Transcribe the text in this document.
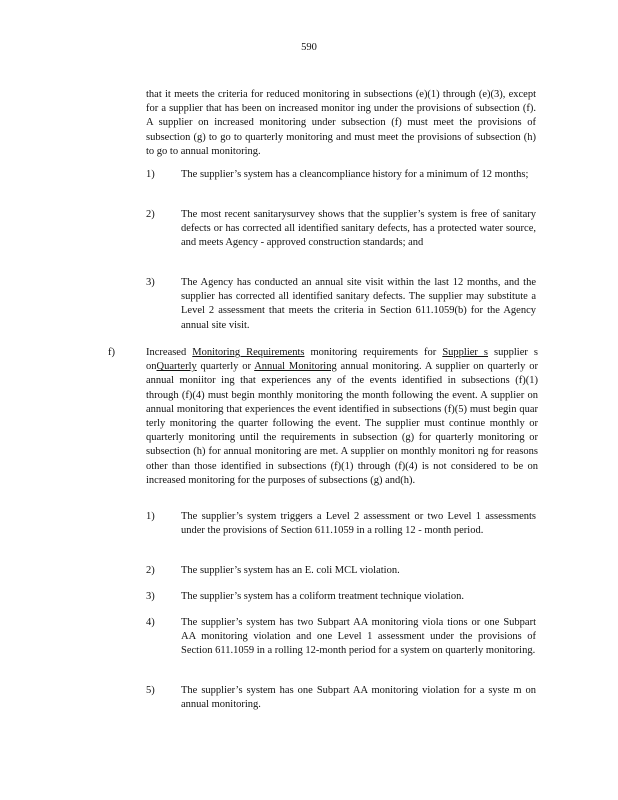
590
that it meets the criteria for reduced monitoring in subsections (e)(1) through (e)(3), except for a supplier that has been on increased monitor ing under the provisions of subsection (f). A supplier on increased monitoring under subsection (f) must meet the provisions of subsection (g) to go to quarterly monitoring and must meet the provisions of subsection (h) to go to annual monitoring.
1)	The supplier’s system has a cleancompliance history for a minimum of 12 months;
2)	The most recent sanitarysurvey shows that the supplier’s system is free of sanitary defects or has corrected all identified sanitary defects, has a protected water source, and meets Agency - approved construction standards; and
3)	The Agency has conducted an annual site visit within the last 12 months, and the supplier has corrected all identified sanitary defects. The supplier may substitute a Level 2 assessment that meets the criteria in Section 611.1059(b) for the Agency annual site visit.
f)	Increased Monitoring Requirements monitoring requirements for Supplier s supplier s onQuarterly quarterly or Annual Monitoring annual monitoring. A supplier on quarterly or annual moniitor ing that experiences any of the events identified in subsections (f)(1) through (f)(4) must begin monthly monitoring the month following the event. A supplier on annual monitoring that experiences the event identified in subsections (f)(5) must begin quar terly monitoring the quarter following the event. The supplier must continue monthly or quarterly monitoring until the requirements in subsection (g) for quarterly monitoring or subsection (h) for annual monitoring are met. A supplier on monthly monitori ng for reasons other than those identified in subsections (f)(1) through (f)(4) is not considered to be on increased monitoring for the purposes of subsections (g) and(h).
1)	The supplier’s system triggers a Level 2 assessment or two Level 1 assessments under the provisions of Section 611.1059 in a rolling 12 - month period.
2)	The supplier’s system has an E. coli MCL violation.
3)	The supplier’s system has a coliform treatment technique violation.
4)	The supplier’s system has two Subpart AA monitoring viola tions or one Subpart AA monitoring violation and one Level 1 assessment under the provisions of Section 611.1059 in a rolling 12-month period for a system on quarterly monitoring.
5)	The supplier’s system has one Subpart AA monitoring violation for a syste m on annual monitoring.
